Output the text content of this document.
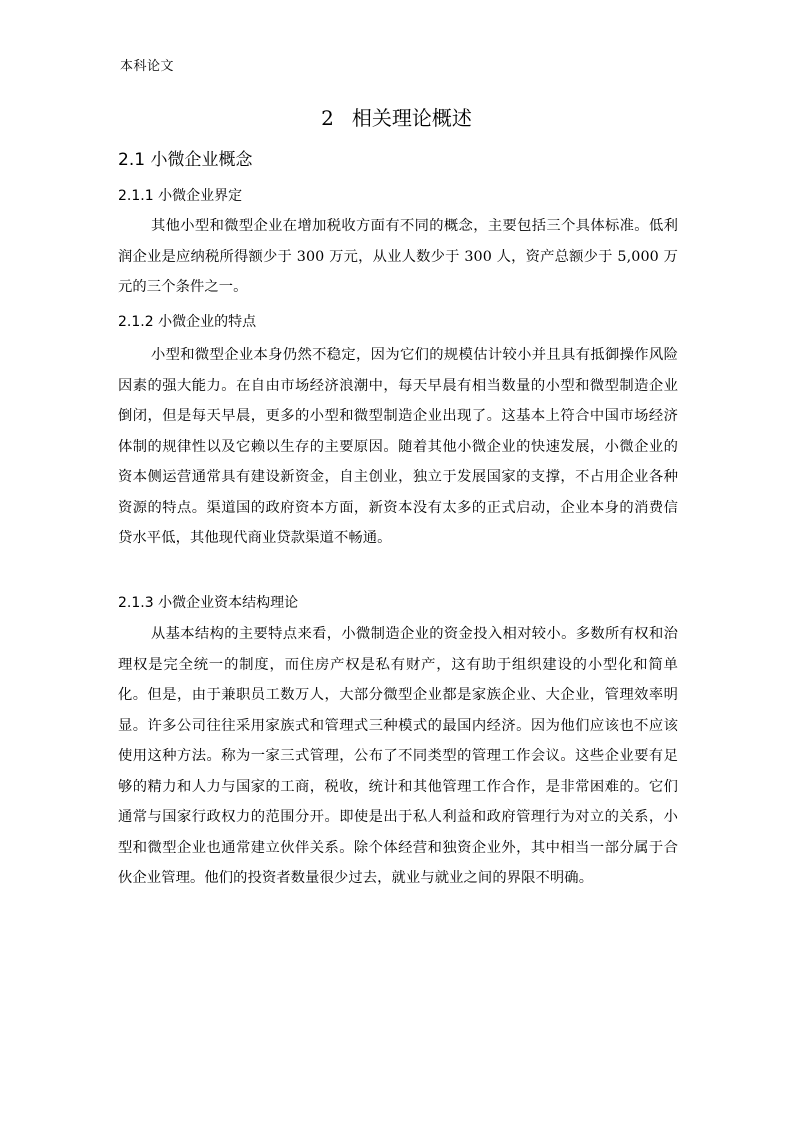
本科论文
2 相关理论概述
2.1 小微企业概念
2.1.1 小微企业界定

其他小型和微型企业在增加税收方面有不同的概念，主要包括三个具体标准。低利润企业是应纳税所得额少于 300 万元，从业人数少于 300 人，资产总额少于 5,000 万元的三个条件之一。

2.1.2 小微企业的特点

小型和微型企业本身仍然不稳定，因为它们的规模估计较小并且具有抵御操作风险因素的强大能力。在自由市场经济浪潮中，每天早晨有相当数量的小型和微型制造企业倒闭，但是每天早晨，更多的小型和微型制造企业出现了。这基本上符合中国市场经济体制的规律性以及它赖以生存的主要原因。随着其他小微企业的快速发展，小微企业的资本侧运营通常具有建设新资金，自主创业，独立于发展国家的支撑，不占用企业各种资源的特点。渠道国的政府资本方面，新资本没有太多的正式启动，企业本身的消费信贷水平低，其他现代商业贷款渠道不畅通。

2.1.3 小微企业资本结构理论

从基本结构的主要特点来看，小微制造企业的资金投入相对较小。多数所有权和治理权是完全统一的制度，而住房产权是私有财产，这有助于组织建设的小型化和简单化。但是，由于兼职员工数万人，大部分微型企业都是家族企业、大企业，管理效率明显。许多公司往往采用家族式和管理式三种模式的最国内经济。因为他们应该也不应该使用这种方法。称为一家三式管理，公布了不同类型的管理工作会议。这些企业要有足够的精力和人力与国家的工商，税收，统计和其他管理工作合作，是非常困难的。它们通常与国家行政权力的范围分开。即使是出于私人利益和政府管理行为对立的关系，小型和微型企业也通常建立伙伴关系。除个体经营和独资企业外，其中相当一部分属于合伙企业管理。他们的投资者数量很少过去，就业与就业之间的界限不明确。
